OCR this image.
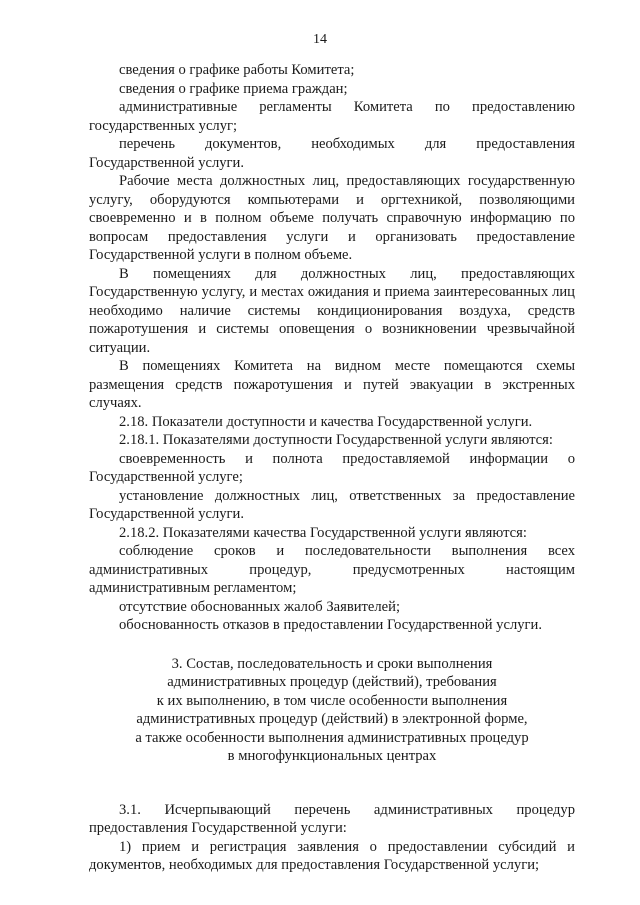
14

сведения о графике работы Комитета;

сведения о графике приема граждан;

административные регламенты Комитета по предоставлению государственных услуг;

перечень документов, необходимых для предоставления Государственной услуги.

Рабочие места должностных лиц, предоставляющих государственную услугу, оборудуются компьютерами и оргтехникой, позволяющими своевременно и в полном объеме получать справочную информацию по вопросам предоставления услуги и организовать предоставление Государственной услуги в полном объеме.

В помещениях для должностных лиц, предоставляющих Государственную услугу, и местах ожидания и приема заинтересованных лиц необходимо наличие системы кондиционирования воздуха, средств пожаротушения и системы оповещения о возникновении чрезвычайной ситуации.

В помещениях Комитета на видном месте помещаются схемы размещения средств пожаротушения и путей эвакуации в экстренных случаях.

2.18. Показатели доступности и качества Государственной услуги.

2.18.1. Показателями доступности Государственной услуги являются:

своевременность и полнота предоставляемой информации о Государственной услуге;

установление должностных лиц, ответственных за предоставление Государственной услуги.

2.18.2. Показателями качества Государственной услуги являются:

соблюдение сроков и последовательности выполнения всех административных процедур, предусмотренных настоящим административным регламентом;

отсутствие обоснованных жалоб Заявителей;

обоснованность отказов в предоставлении Государственной услуги.

3. Состав, последовательность и сроки выполнения

административных процедур (действий), требования

к их выполнению, в том числе особенности выполнения

административных процедур (действий) в электронной форме,

а также особенности выполнения административных процедур

в многофункциональных центрах

3.1. Исчерпывающий перечень административных процедур предоставления Государственной услуги:

1) прием и регистрация заявления о предоставлении субсидий и документов, необходимых для предоставления Государственной услуги;
